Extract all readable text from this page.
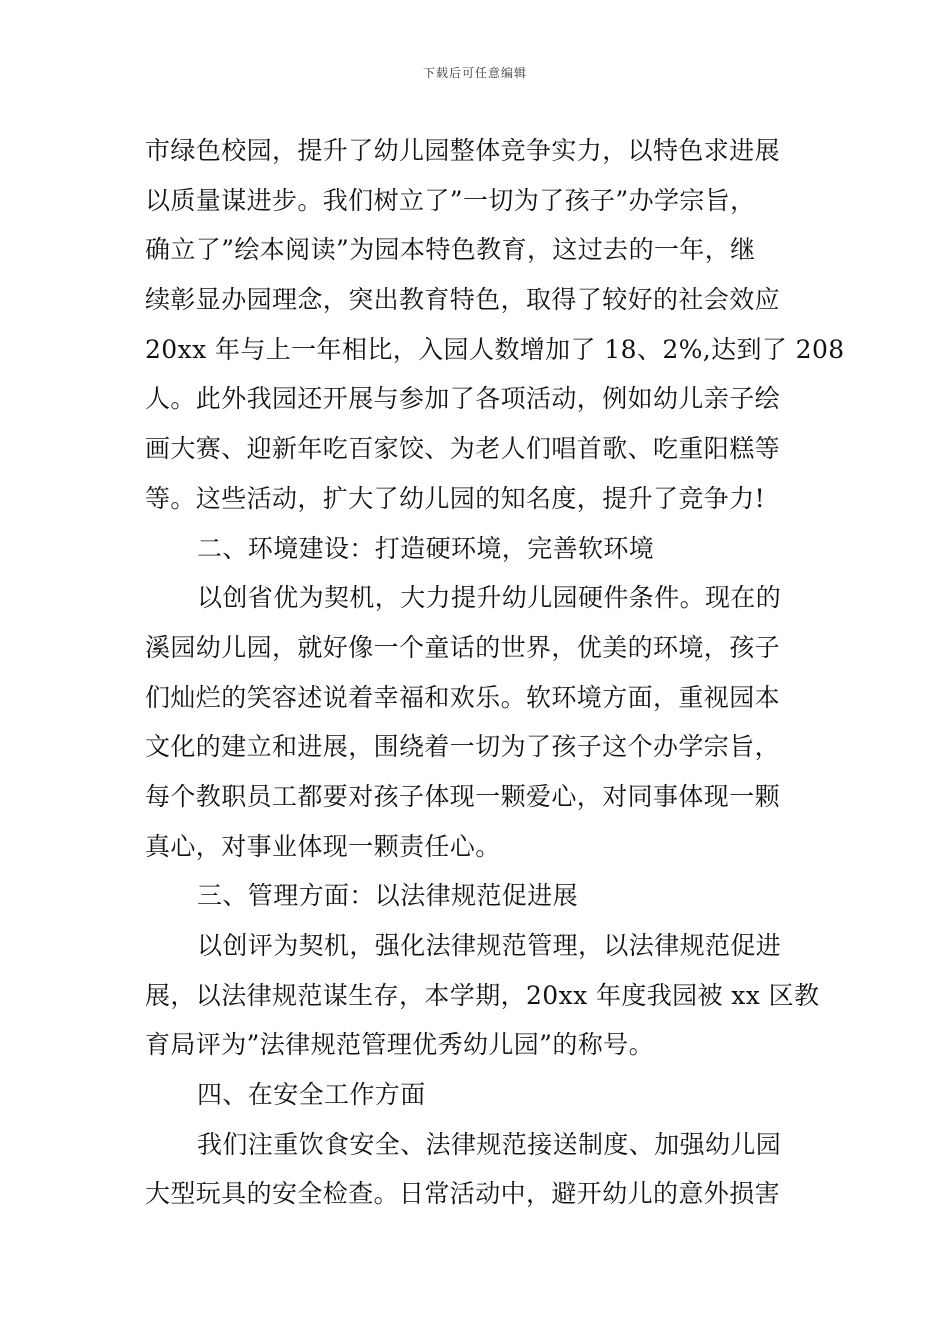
下载后可任意编辑
市绿色校园，提升了幼儿园整体竞争实力，以特色求进展
以质量谋进步。我们树立了”一切为了孩子”办学宗旨，
确立了”绘本阅读”为园本特色教育，这过去的一年，继
续彰显办园理念，突出教育特色，取得了较好的社会效应
20xx 年与上一年相比，入园人数增加了 18、2%,达到了 208
人。此外我园还开展与参加了各项活动，例如幼儿亲子绘
画大赛、迎新年吃百家饺、为老人们唱首歌、吃重阳糕等
等。这些活动，扩大了幼儿园的知名度，提升了竞争力!
二、环境建设：打造硬环境，完善软环境
以创省优为契机，大力提升幼儿园硬件条件。现在的
溪园幼儿园，就好像一个童话的世界，优美的环境，孩子
们灿烂的笑容述说着幸福和欢乐。软环境方面，重视园本
文化的建立和进展，围绕着一切为了孩子这个办学宗旨，
每个教职员工都要对孩子体现一颗爱心，对同事体现一颗
真心，对事业体现一颗责任心。
三、管理方面：以法律规范促进展
以创评为契机，强化法律规范管理，以法律规范促进
展，以法律规范谋生存，本学期，20xx 年度我园被 xx 区教
育局评为”法律规范管理优秀幼儿园”的称号。
四、在安全工作方面
我们注重饮食安全、法律规范接送制度、加强幼儿园
大型玩具的安全检查。日常活动中，避开幼儿的意外损害
